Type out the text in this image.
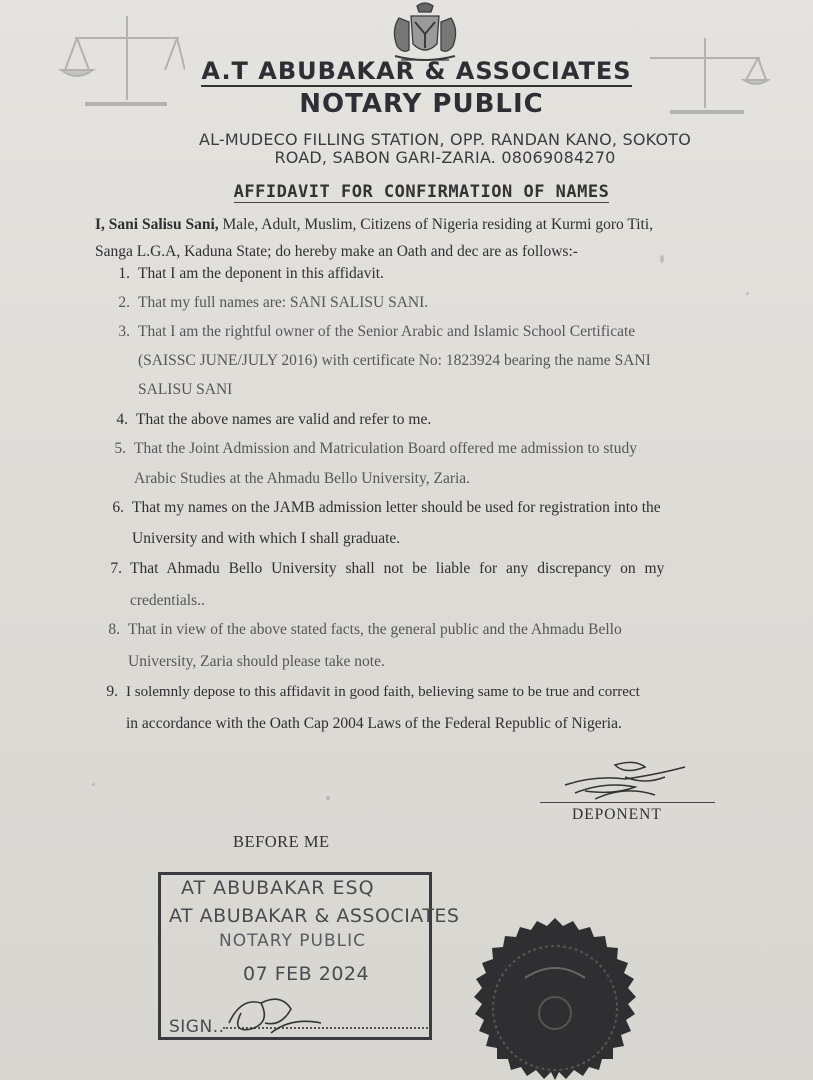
A.T ABUBAKAR & ASSOCIATES
NOTARY PUBLIC
AL-MUDECO FILLING STATION, OPP. RANDAN KANO, SOKOTO
ROAD, SABON GARI-ZARIA. 08069084270
AFFIDAVIT FOR CONFIRMATION OF NAMES
I, Sani Salisu Sani, Male, Adult, Muslim, Citizens of Nigeria residing at Kurmi goro Titi,
Sanga L.G.A, Kaduna State; do hereby make an Oath and dec are as follows:-
1. That I am the deponent in this affidavit.
2. That my full names are: SANI SALISU SANI.
3. That I am the rightful owner of the Senior Arabic and Islamic School Certificate
(SAISSC JUNE/JULY 2016) with certificate No: 1823924 bearing the name SANI
SALISU SANI
4. That the above names are valid and refer to me.
5. That the Joint Admission and Matriculation Board offered me admission to study
Arabic Studies at the Ahmadu Bello University, Zaria.
6. That my names on the JAMB admission letter should be used for registration into the
University and with which I shall graduate.
7. That Ahmadu Bello University shall not be liable for any discrepancy on my
credentials..
8. That in view of the above stated facts, the general public and the Ahmadu Bello
University, Zaria should please take note.
9. I solemnly depose to this affidavit in good faith, believing same to be true and correct
in accordance with the Oath Cap 2004 Laws of the Federal Republic of Nigeria.
DEPONENT
BEFORE ME
AT ABUBAKAR ESQ
AT ABUBAKAR & ASSOCIATES
NOTARY PUBLIC
07 FEB 2024
SIGN..
